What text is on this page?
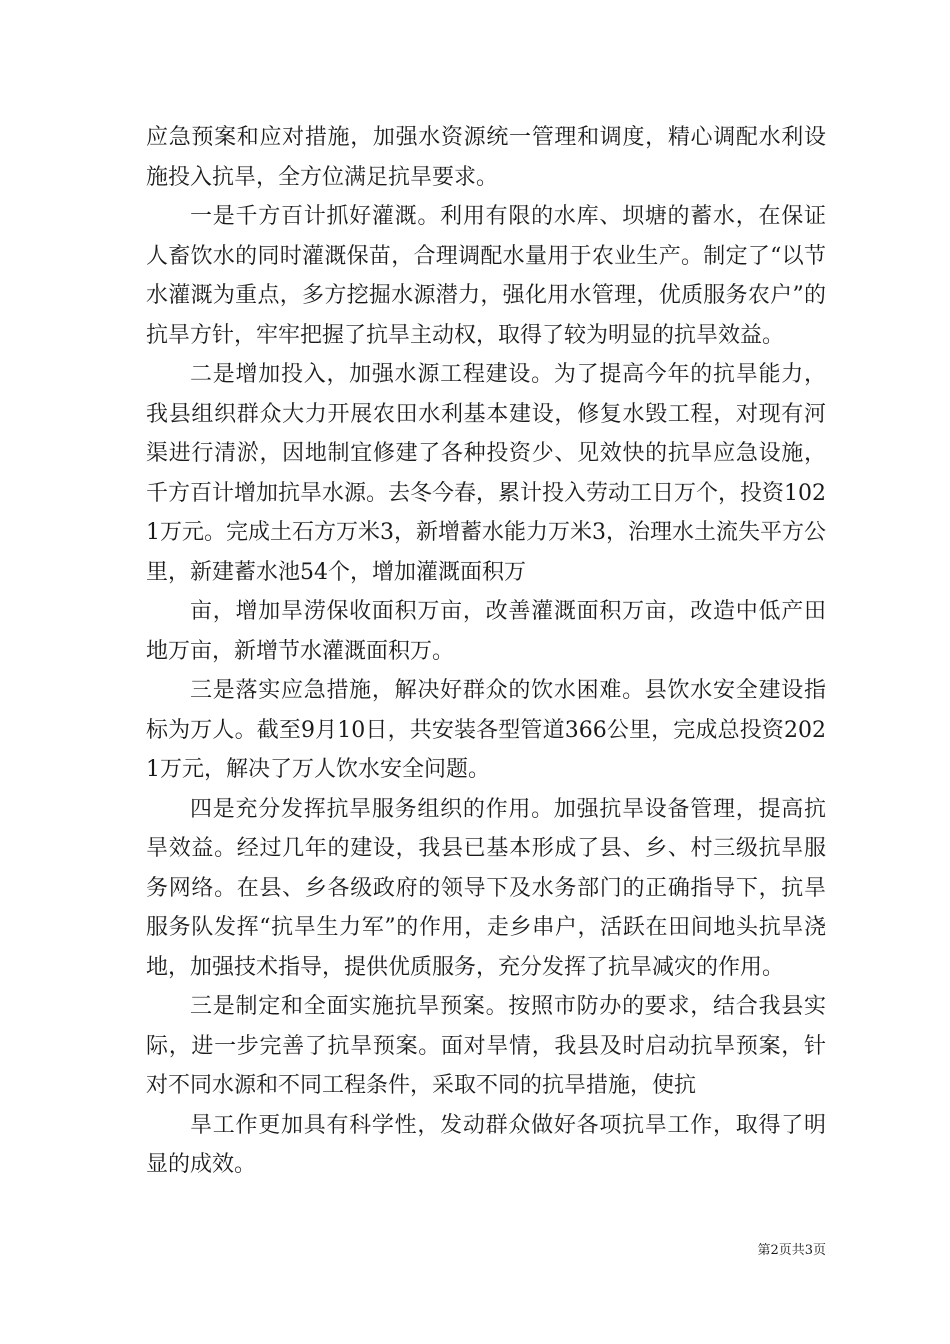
应急预案和应对措施，加强水资源统一管理和调度，精心调配水利设施投入抗旱，全方位满足抗旱要求。

一是千方百计抓好灌溉。利用有限的水库、坝塘的蓄水，在保证人畜饮水的同时灌溉保苗，合理调配水量用于农业生产。制定了“以节水灌溉为重点，多方挖掘水源潜力，强化用水管理，优质服务农户”的抗旱方针，牢牢把握了抗旱主动权，取得了较为明显的抗旱效益。

二是增加投入，加强水源工程建设。为了提高今年的抗旱能力，我县组织群众大力开展农田水利基本建设，修复水毁工程，对现有河渠进行清淤，因地制宜修建了各种投资少、见效快的抗旱应急设施，千方百计增加抗旱水源。去冬今春，累计投入劳动工日万个，投资1021万元。完成土石方万米3，新增蓄水能力万米3，治理水土流失平方公里，新建蓄水池54个，增加灌溉面积万

亩，增加旱涝保收面积万亩，改善灌溉面积万亩，改造中低产田地万亩，新增节水灌溉面积万。

三是落实应急措施，解决好群众的饮水困难。县饮水安全建设指标为万人。截至9月10日，共安装各型管道366公里，完成总投资2021万元，解决了万人饮水安全问题。

四是充分发挥抗旱服务组织的作用。加强抗旱设备管理，提高抗旱效益。经过几年的建设，我县已基本形成了县、乡、村三级抗旱服务网络。在县、乡各级政府的领导下及水务部门的正确指导下，抗旱服务队发挥“抗旱生力军”的作用，走乡串户，活跃在田间地头抗旱浇地，加强技术指导，提供优质服务，充分发挥了抗旱减灾的作用。

三是制定和全面实施抗旱预案。按照市防办的要求，结合我县实际，进一步完善了抗旱预案。面对旱情，我县及时启动抗旱预案，针对不同水源和不同工程条件，采取不同的抗旱措施，使抗

旱工作更加具有科学性，发动群众做好各项抗旱工作，取得了明显的成效。

第2页共3页
